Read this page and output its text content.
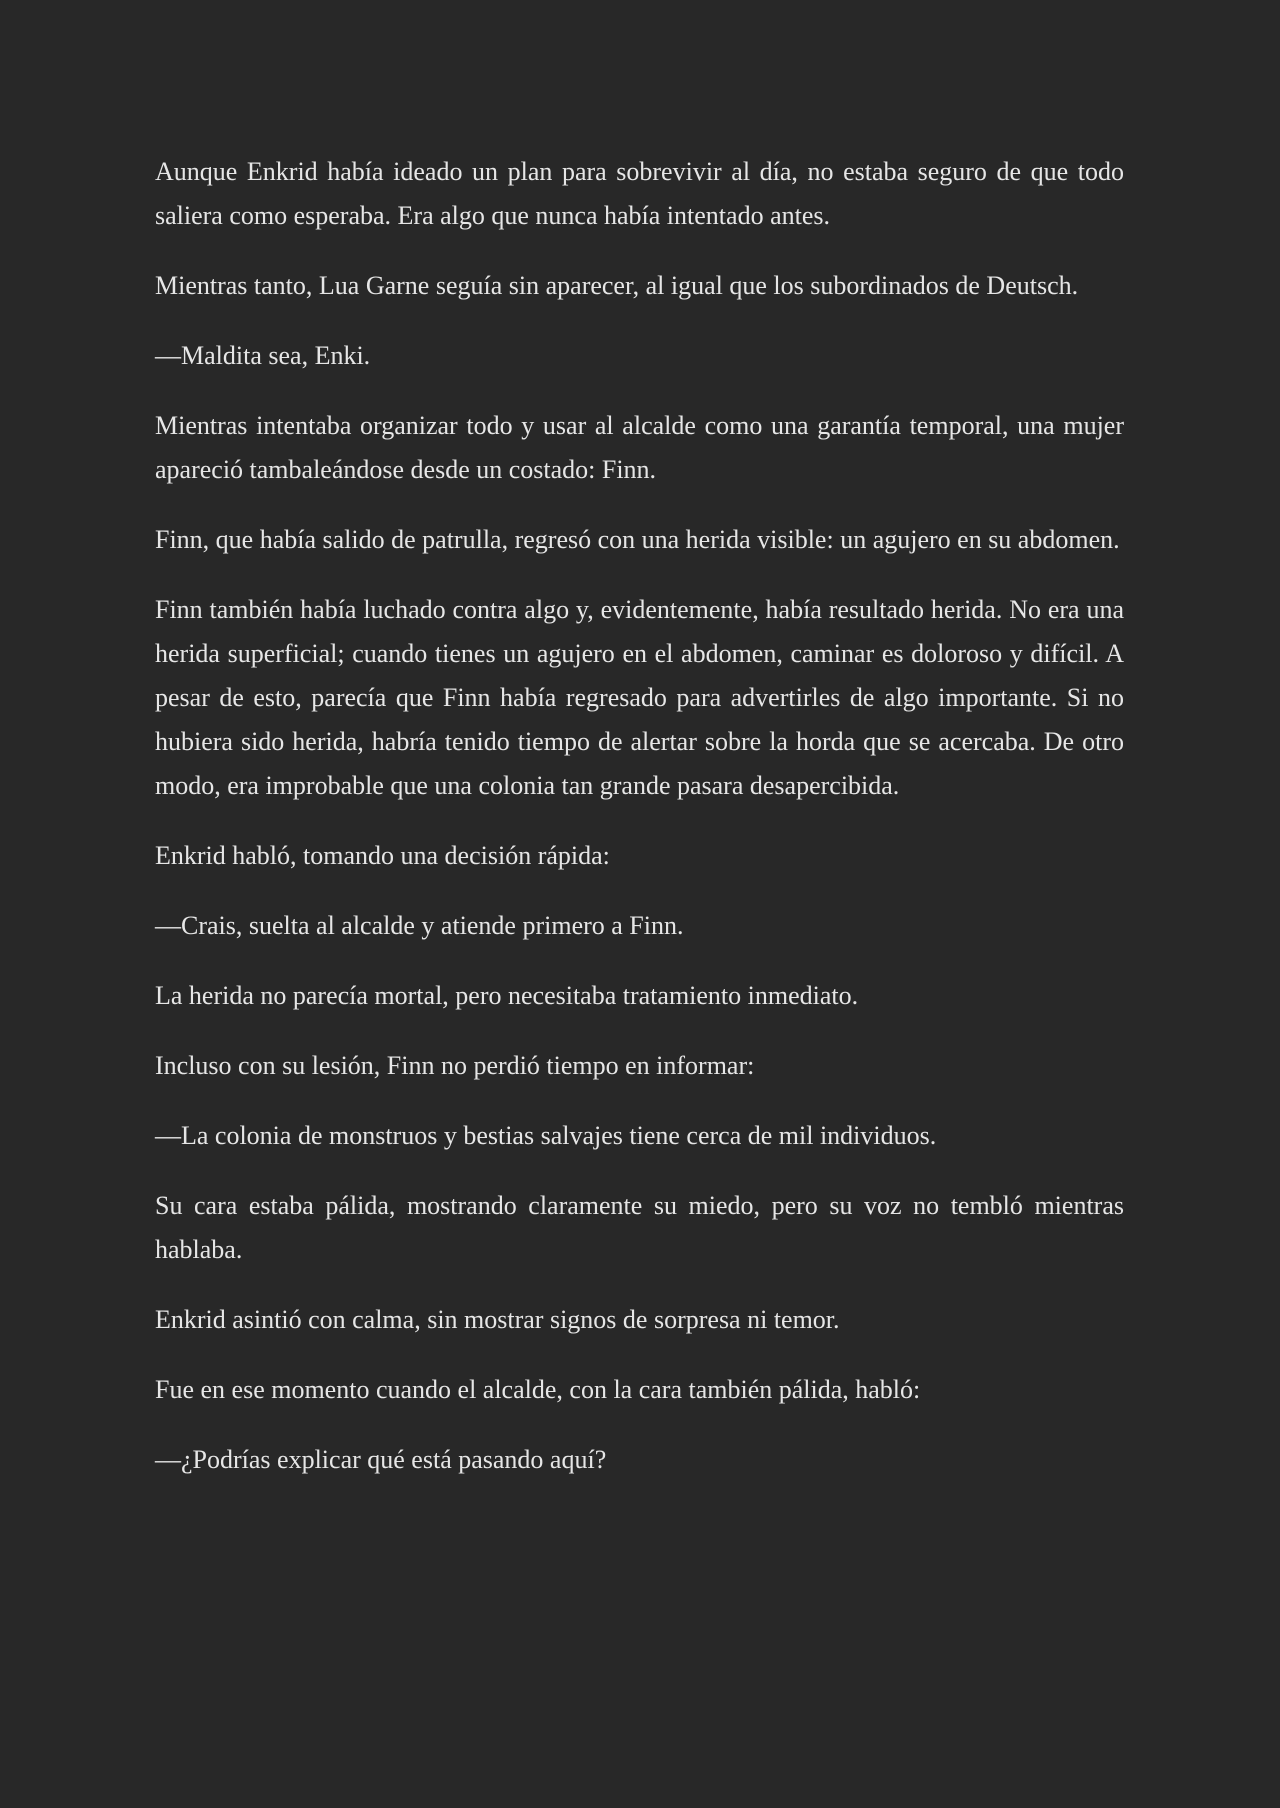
Aunque Enkrid había ideado un plan para sobrevivir al día, no estaba seguro de que todo saliera como esperaba. Era algo que nunca había intentado antes.

Mientras tanto, Lua Garne seguía sin aparecer, al igual que los subordinados de Deutsch.

—Maldita sea, Enki.

Mientras intentaba organizar todo y usar al alcalde como una garantía temporal, una mujer apareció tambaleándose desde un costado: Finn.

Finn, que había salido de patrulla, regresó con una herida visible: un agujero en su abdomen.

Finn también había luchado contra algo y, evidentemente, había resultado herida. No era una herida superficial; cuando tienes un agujero en el abdomen, caminar es doloroso y difícil. A pesar de esto, parecía que Finn había regresado para advertirles de algo importante. Si no hubiera sido herida, habría tenido tiempo de alertar sobre la horda que se acercaba. De otro modo, era improbable que una colonia tan grande pasara desapercibida.

Enkrid habló, tomando una decisión rápida:

—Crais, suelta al alcalde y atiende primero a Finn.

La herida no parecía mortal, pero necesitaba tratamiento inmediato.

Incluso con su lesión, Finn no perdió tiempo en informar:

—La colonia de monstruos y bestias salvajes tiene cerca de mil individuos.

Su cara estaba pálida, mostrando claramente su miedo, pero su voz no tembló mientras hablaba.

Enkrid asintió con calma, sin mostrar signos de sorpresa ni temor.

Fue en ese momento cuando el alcalde, con la cara también pálida, habló:

—¿Podrías explicar qué está pasando aquí?
